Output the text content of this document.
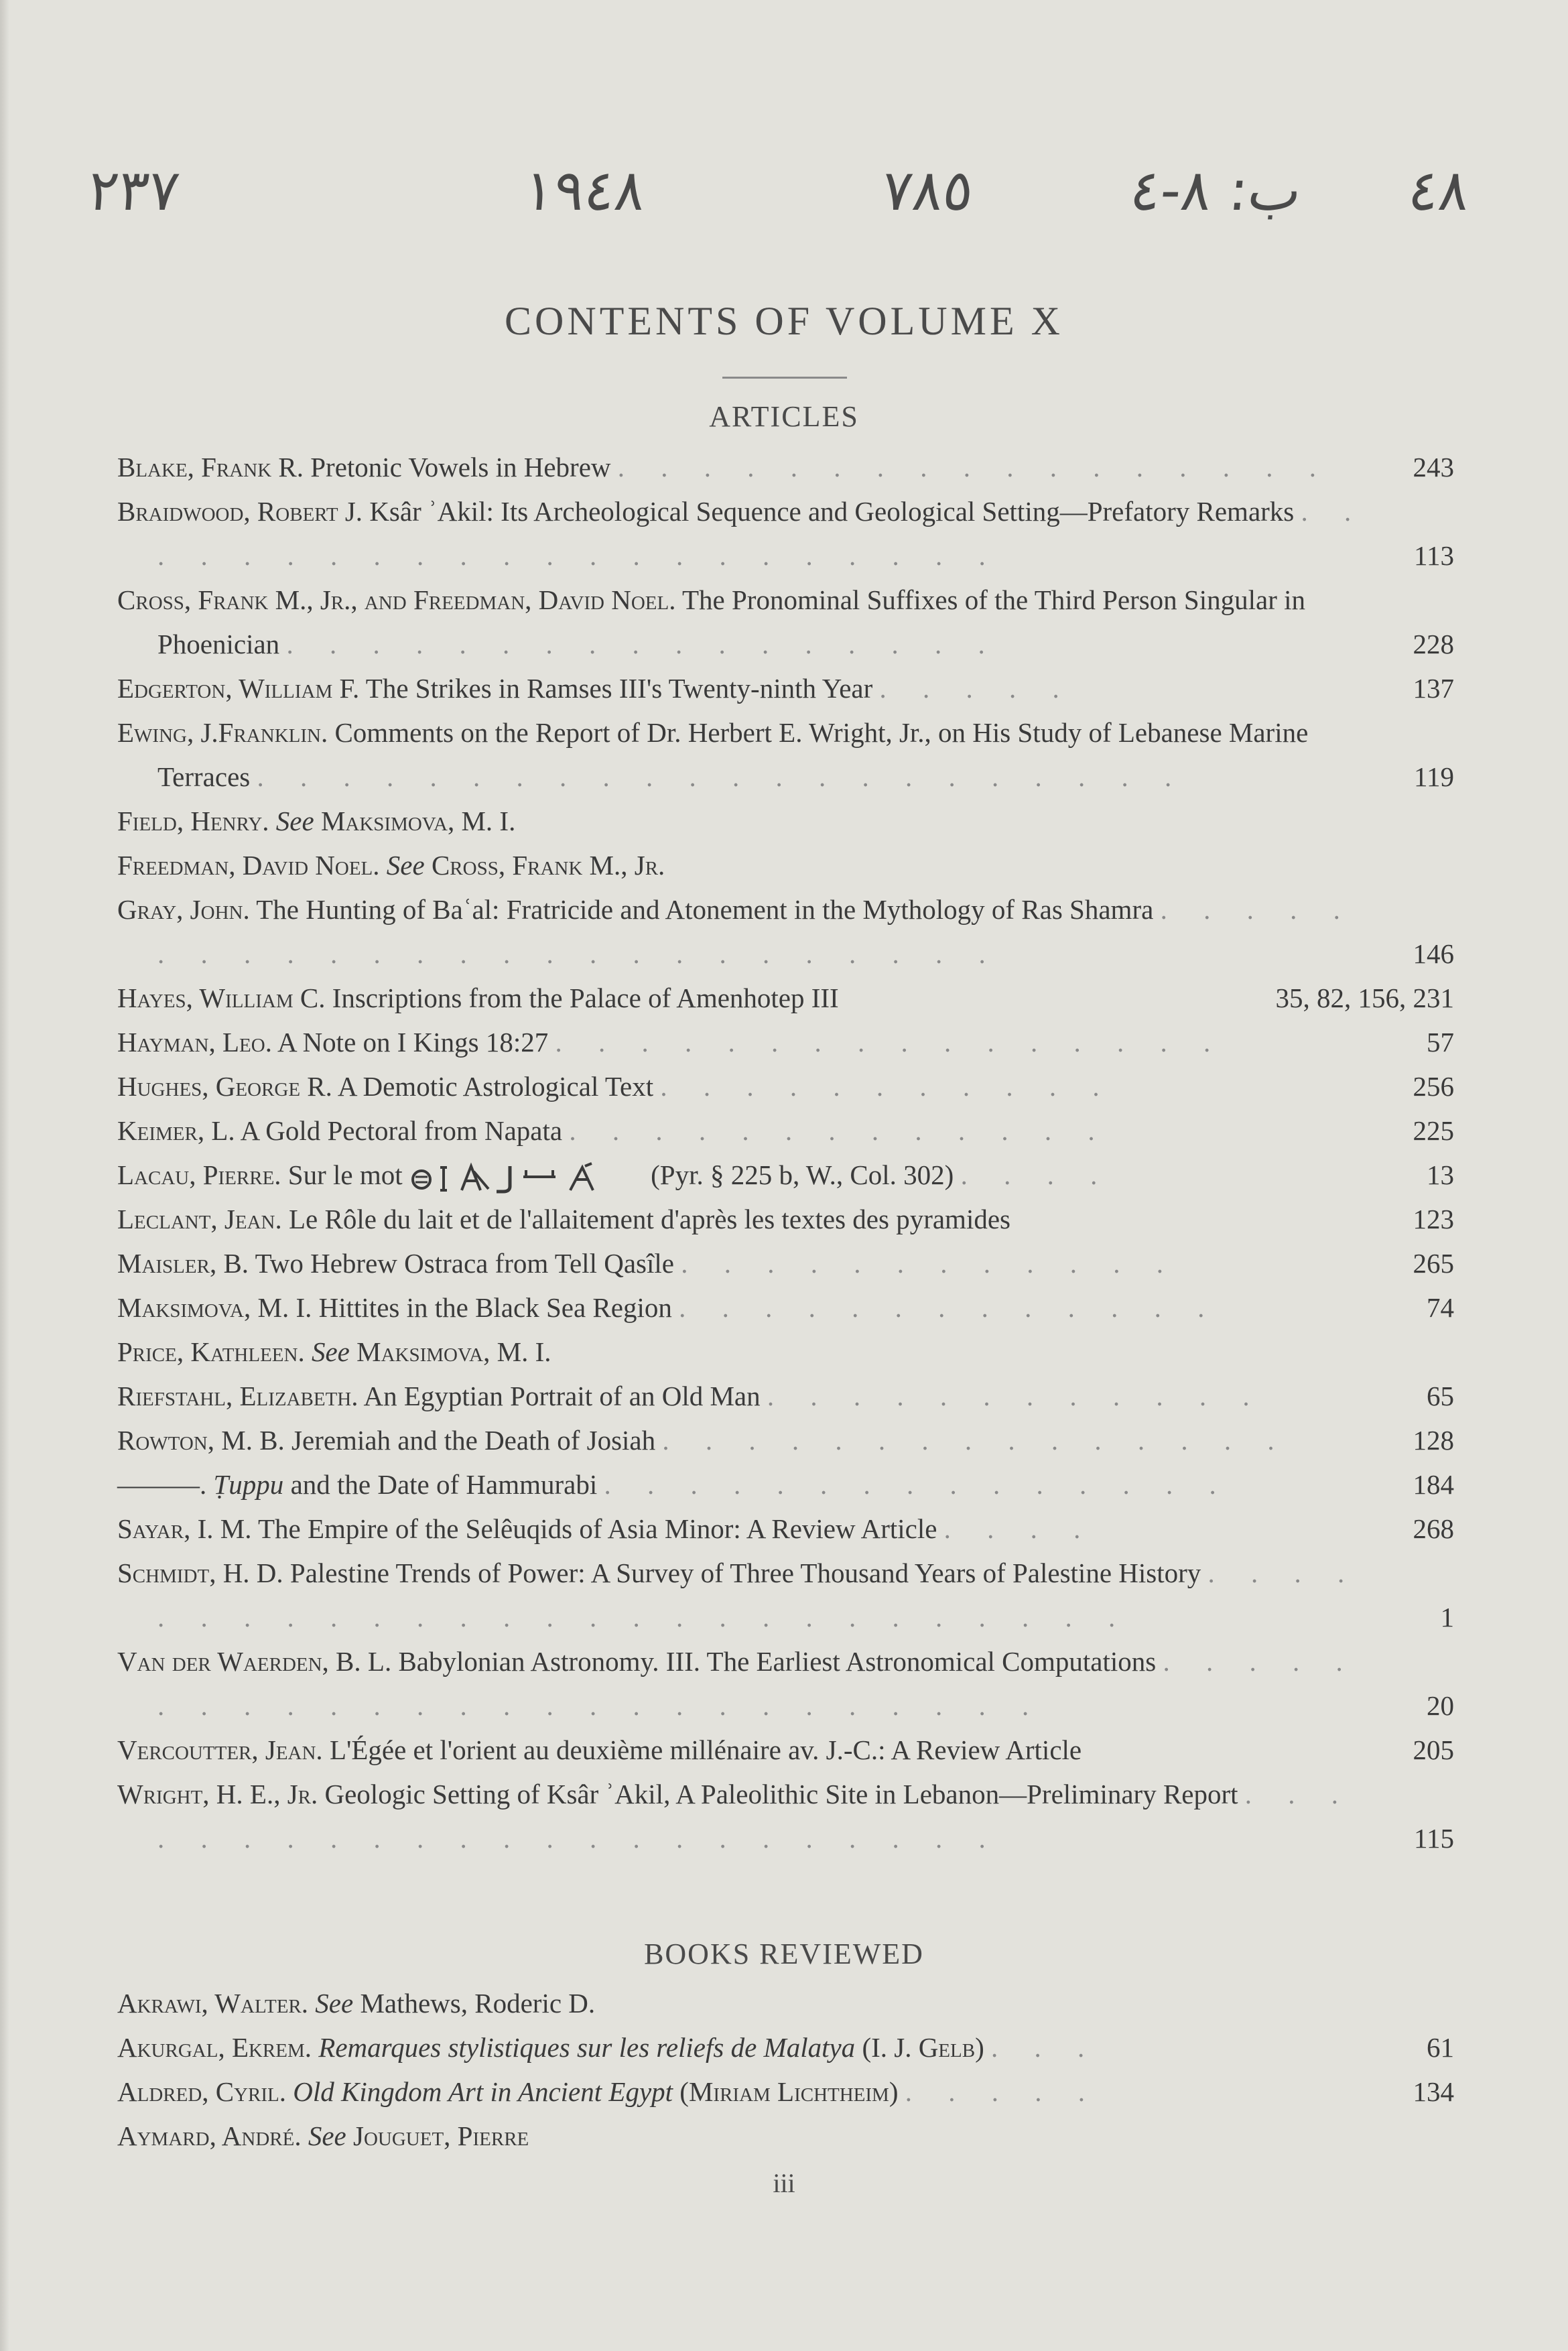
٢٣٧	١٩٤٨	٧٨٥	ب: ٨-٤ ٤٨
CONTENTS OF VOLUME X
ARTICLES

Blake, Frank R. Pretonic Vowels in Hebrew . . . . . . . . . . . . . . . . .	243

Braidwood, Robert J. Ksâr ʾAkil: Its Archeological Sequence and Geological Setting—Prefatory Remarks . . . . . . . . . . . . . . . . . . . . . .	113

Cross, Frank M., Jr., and Freedman, David Noel. The Pronominal Suffixes of the Third Person Singular in Phoenician . . . . . . . . . . . . . . . . .	228

Edgerton, William F. The Strikes in Ramses III's Twenty-ninth Year . . . . .	137

Ewing, J.Franklin. Comments on the Report of Dr. Herbert E. Wright, Jr., on His Study of Lebanese Marine Terraces . . . . . . . . . . . . . . . . . . . . . .	119

Field, Henry. See Maksimova, M. I.

Freedman, David Noel. See Cross, Frank M., Jr.

Gray, John. The Hunting of Baʿal: Fratricide and Atonement in the Mythology of Ras Shamra . . . . . . . . . . . . . . . . . . . . . . . . .	146

Hayes, William C. Inscriptions from the Palace of Amenhotep III	35, 82, 156, 231

Hayman, Leo. A Note on I Kings 18:27 . . . . . . . . . . . . . . . .	57

Hughes, George R. A Demotic Astrological Text . . . . . . . . . . .	256

Keimer, L. A Gold Pectoral from Napata . . . . . . . . . . . . .	225

Lacau, Pierre. Sur le mot	(Pyr. § 225 b, W., Col. 302) . . . .	13

Leclant, Jean. Le Rôle du lait et de l'allaitement d'après les textes des pyramides	123

Maisler, B. Two Hebrew Ostraca from Tell Qasîle . . . . . . . . . . . .	265

Maksimova, M. I. Hittites in the Black Sea Region . . . . . . . . . . . . .	74

Price, Kathleen. See Maksimova, M. I.

Riefstahl, Elizabeth. An Egyptian Portrait of an Old Man . . . . . . . . . . . .	65

Rowton, M. B. Jeremiah and the Death of Josiah . . . . . . . . . . . . . . .	128

———. Ṭuppu and the Date of Hammurabi . . . . . . . . . . . . . . .	184

Sayar, I. M. The Empire of the Selêuqids of Asia Minor: A Review Article . . . .	268

Schmidt, H. D. Palestine Trends of Power: A Survey of Three Thousand Years of Palestine History . . . . . . . . . . . . . . . . . . . . . . . . . . .	1

Van der Waerden, B. L. Babylonian Astronomy. III. The Earliest Astronomical Computations . . . . . . . . . . . . . . . . . . . . . . . . . .	20

Vercoutter, Jean. L'Égée et l'orient au deuxième millénaire av. J.-C.: A Review Article	205

Wright, H. E., Jr. Geologic Setting of Ksâr ʾAkil, A Paleolithic Site in Lebanon—Preliminary Report . . . . . . . . . . . . . . . . . . . . . . .	115

BOOKS REVIEWED

Akrawi, Walter. See Mathews, Roderic D.

Akurgal, Ekrem. Remarques stylistiques sur les reliefs de Malatya (I. J. Gelb) . . .	61

Aldred, Cyril. Old Kingdom Art in Ancient Egypt (Miriam Lichtheim) . . . . .	134

Aymard, André. See Jouguet, Pierre

iii
